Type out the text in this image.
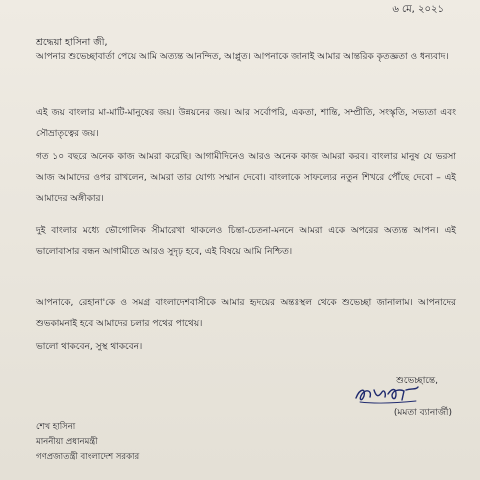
৬ মে, ২০২১
শ্রদ্ধেয়া হাসিনা জী,

আপনার শুভেচ্ছাবার্তা পেয়ে আমি অত্যন্ত আনন্দিত, আপ্লুত। আপনাকে জানাই আমার আন্তরিক কৃতজ্ঞতা ও ধন্যবাদ।

এই জয় বাংলার মা-মাটি-মানুষের জয়। উন্নয়নের জয়। আর সর্বোপরি, একতা, শান্তি, সম্প্রীতি, সংস্কৃতি, সভ্যতা এবং সৌভ্রাতৃত্বের জয়।

গত ১০ বছরে অনেক কাজ আমরা করেছি। আগামীদিনেও আরও অনেক কাজ আমরা করব। বাংলার মানুষ যে ভরসা আজ আমাদের ওপর রাখলেন, আমরা তার যোগ্য সম্মান দেবো। বাংলাকে সাফল্যের নতুন শিখরে পৌঁছে দেবো – এই আমাদের অঙ্গীকার।

দুই বাংলার মধ্যে ভৌগোলিক সীমারেখা থাকলেও চিন্তা-চেতনা-মননে আমরা একে অপরের অত্যন্ত আপন। এই ভালোবাসার বন্ধন আগামীতে আরও সুদৃঢ় হবে, এই বিষয়ে আমি নিশ্চিত।

আপনাকে, রেহানা'কে ও সমগ্র বাংলাদেশবাসীকে আমার হৃদয়ের অন্তঃস্থল থেকে শুভেচ্ছা জানালাম। আপনাদের শুভকামনাই হবে আমাদের চলার পথের পাথেয়।

ভালো থাকবেন, সুস্থ থাকবেন।

শুভেচ্ছান্তে,
(মমতা ব্যানার্জী)
শেখ হাসিনা
মাননীয়া প্রধানমন্ত্রী
গণপ্রজাতন্ত্রী বাংলাদেশ সরকার
